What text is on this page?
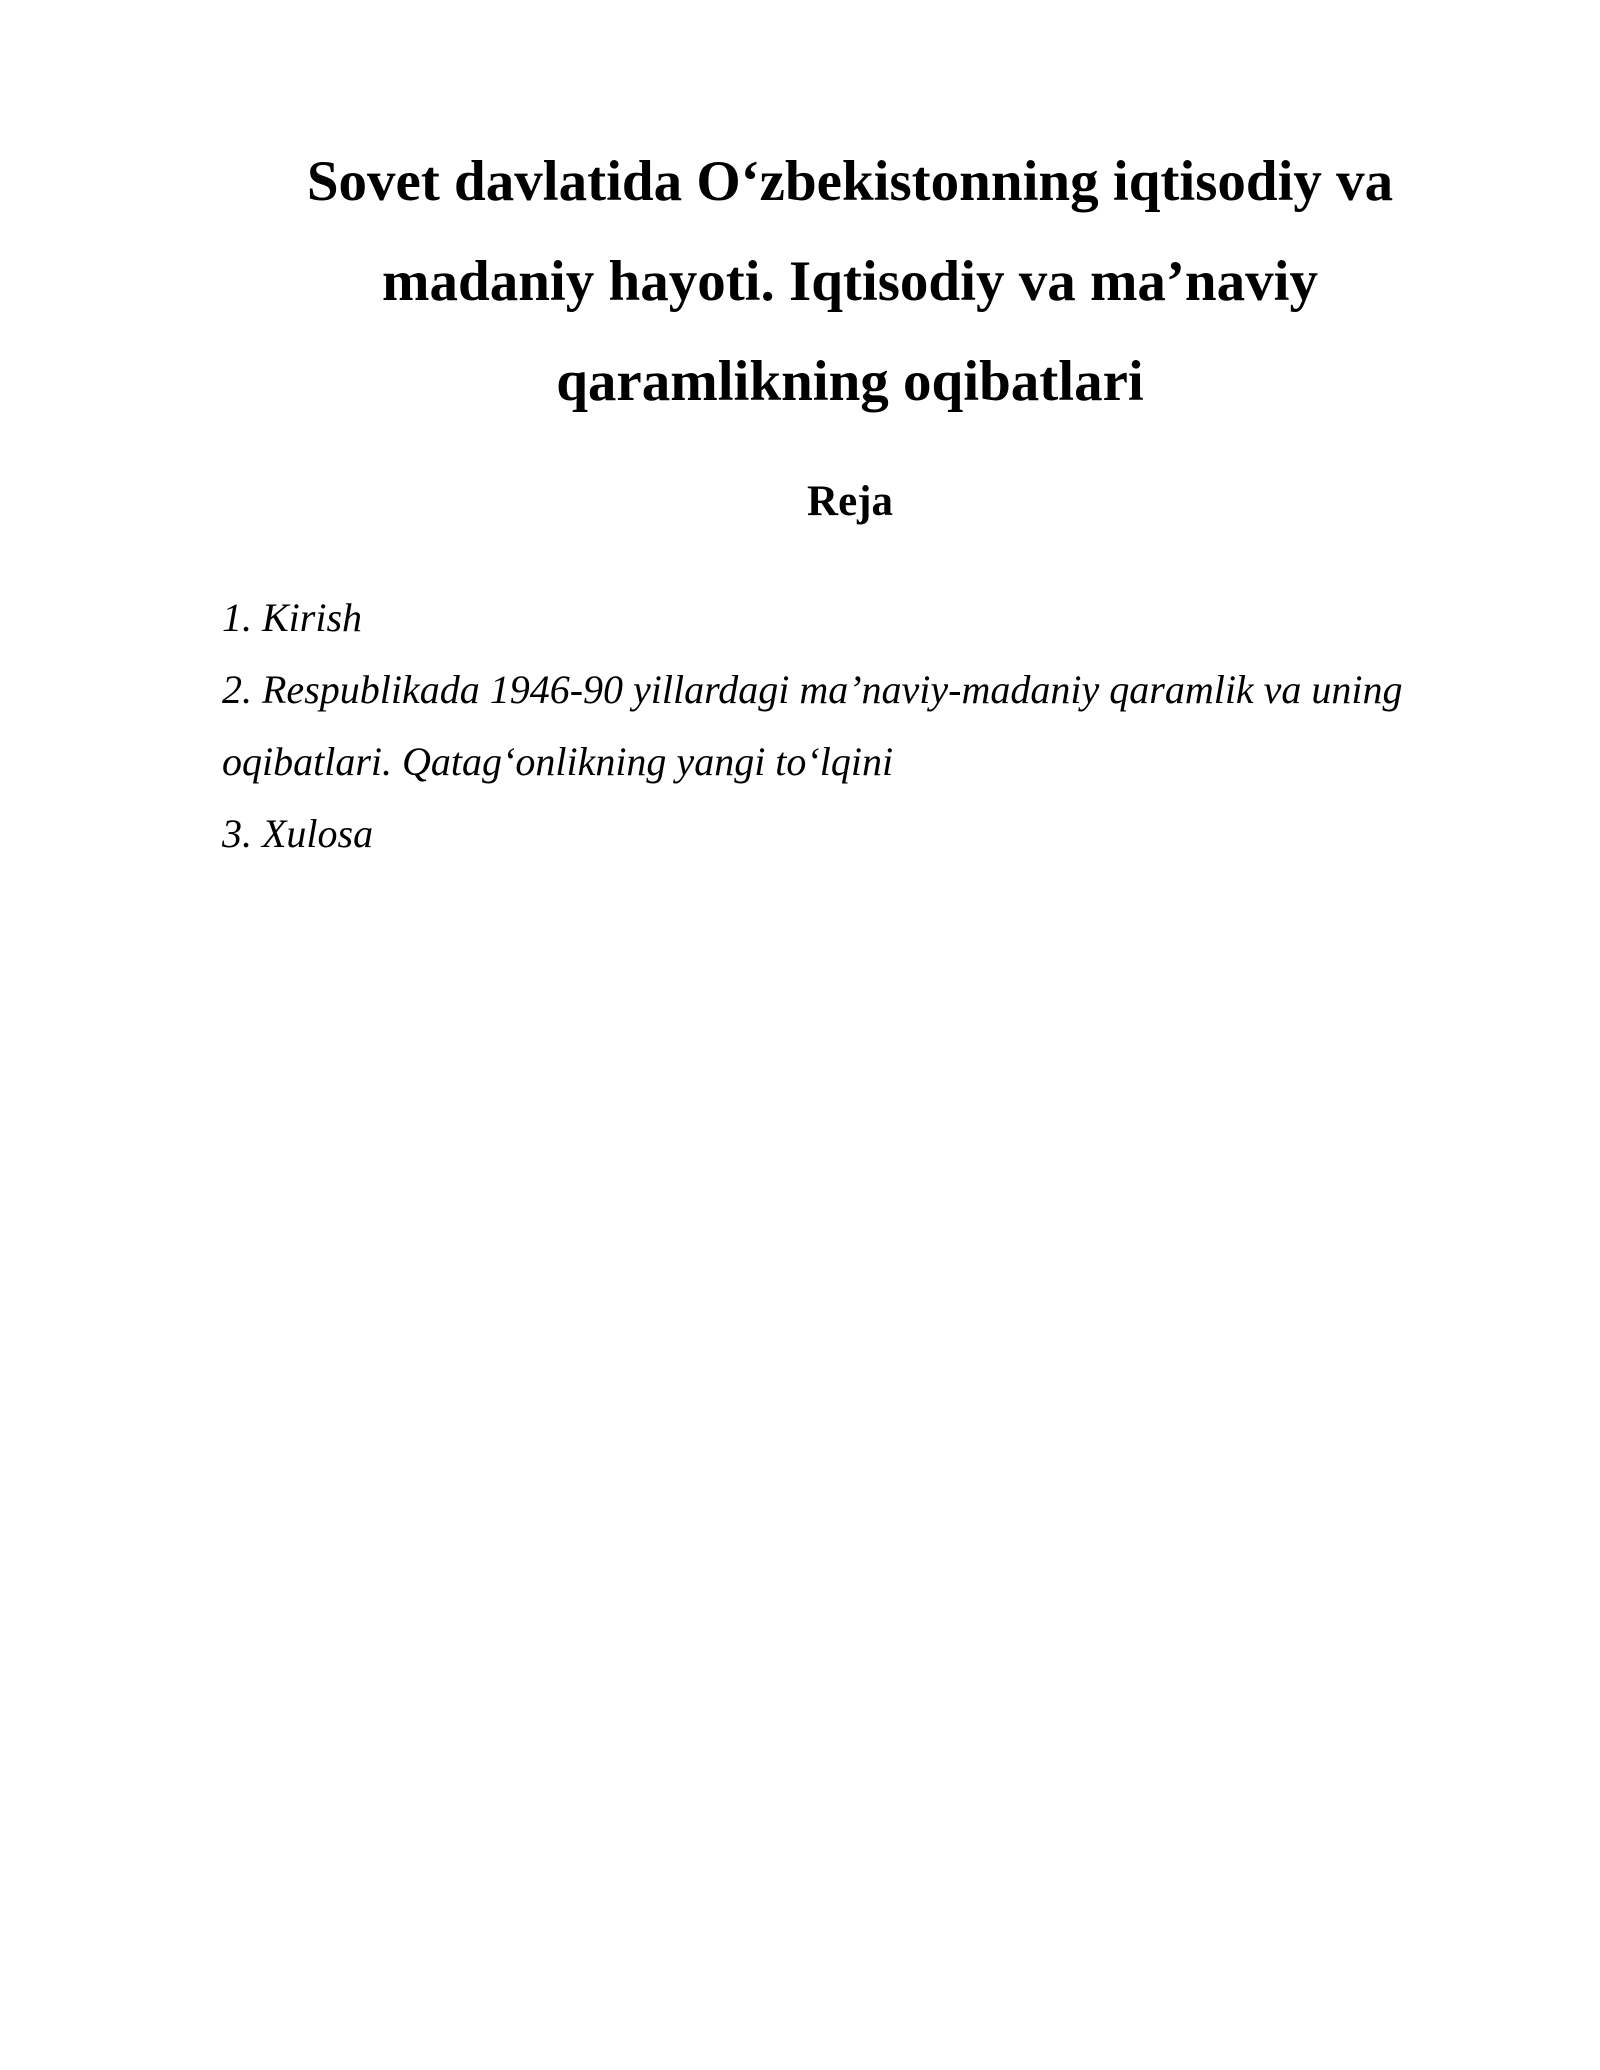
Sovet davlatida O‘zbekistonning iqtisodiy va
madaniy hayoti. Iqtisodiy va ma’naviy
qaramlikning oqibatlari
Reja
1. Kirish
2. Respublikada 1946-90 yillardagi ma’naviy-madaniy qaramlik va uning
oqibatlari. Qatag‘onlikning yangi to‘lqini
3. Xulosa
